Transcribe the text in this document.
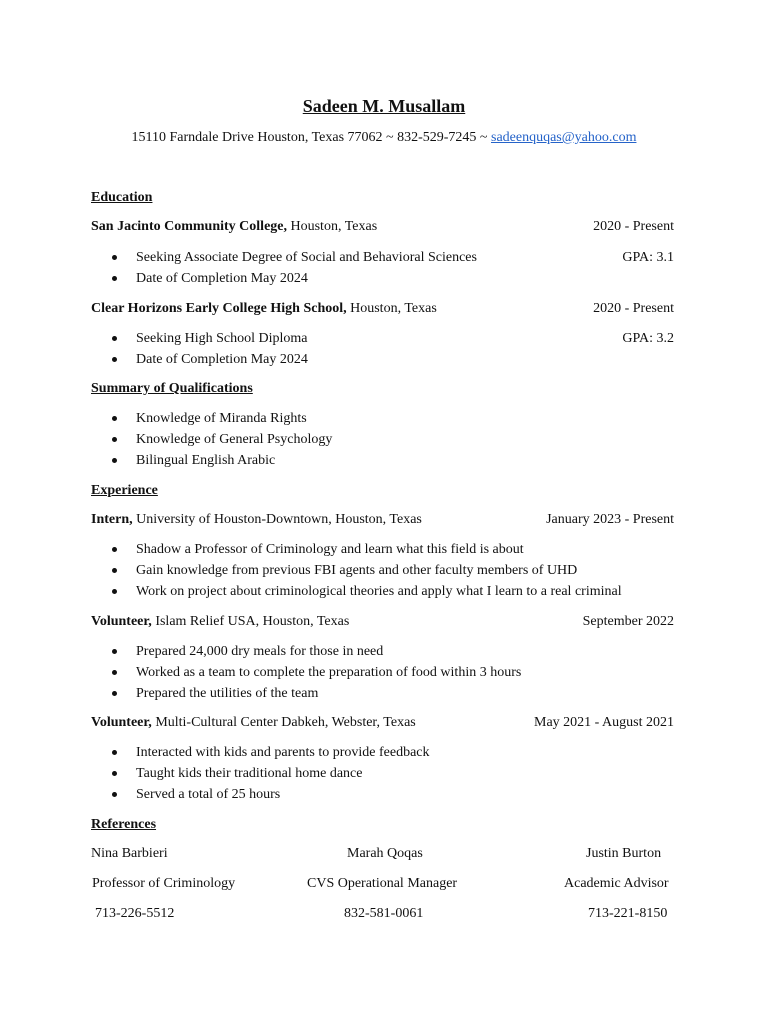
Sadeen M. Musallam
15110 Farndale Drive Houston, Texas 77062 ~ 832-529-7245 ~ sadeenquqas@yahoo.com
Education
San Jacinto Community College, Houston, Texas	2020 - Present
Seeking Associate Degree of Social and Behavioral Sciences	GPA: 3.1
Date of Completion May 2024
Clear Horizons Early College High School, Houston, Texas	2020 - Present
Seeking High School Diploma	GPA: 3.2
Date of Completion May 2024
Summary of Qualifications
Knowledge of Miranda Rights
Knowledge of General Psychology
Bilingual English Arabic
Experience
Intern, University of Houston-Downtown, Houston, Texas	January 2023 - Present
Shadow a Professor of Criminology and learn what this field is about
Gain knowledge from previous FBI agents and other faculty members of UHD
Work on project about criminological theories and apply what I learn to a real criminal
Volunteer, Islam Relief USA, Houston, Texas	September 2022
Prepared 24,000 dry meals for those in need
Worked as a team to complete the preparation of food within 3 hours
Prepared the utilities of the team
Volunteer, Multi-Cultural Center Dabkeh, Webster, Texas	May 2021 - August 2021
Interacted with kids and parents to provide feedback
Taught kids their traditional home dance
Served a total of 25 hours
References
Nina Barbieri	Marah Qoqas	Justin Burton
Professor of Criminology	CVS Operational Manager	Academic Advisor
713-226-5512	832-581-0061	713-221-8150
